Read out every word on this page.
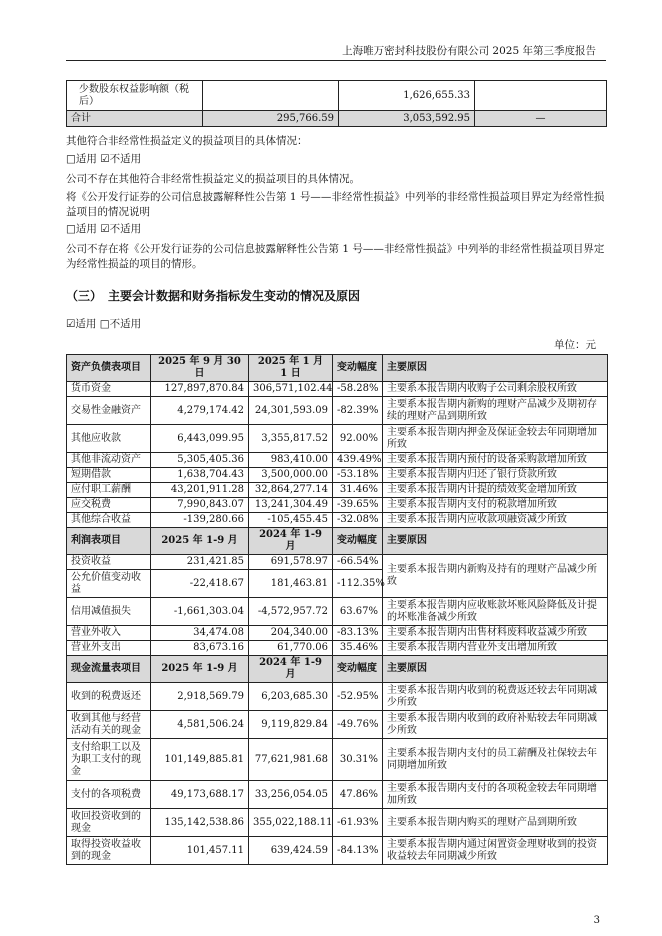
上海唯万密封科技股份有限公司 2025 年第三季度报告
少数股东权益影响额（税后）		1,626,655.33	
合计	295,766.59	3,053,592.95	—
其他符合非经常性损益定义的损益项目的具体情况：
□适用 ☑不适用
公司不存在其他符合非经常性损益定义的损益项目的具体情况。
将《公开发行证券的公司信息披露解释性公告第 1 号——非经常性损益》中列举的非经常性损益项目界定为经常性损益项目的情况说明
□适用 ☑不适用
公司不存在将《公开发行证券的公司信息披露解释性公告第 1 号——非经常性损益》中列举的非经常性损益项目界定为经常性损益的项目的情形。
（三）　主要会计数据和财务指标发生变动的情况及原因
☑适用 □不适用
单位：元
资产负债表项目	2025 年 9 月 30 日	2025 年 1 月 1 日	变动幅度	主要原因
货币资金	127,897,870.84	306,571,102.44	-58.28%	主要系本报告期内收购子公司剩余股权所致
交易性金融资产	4,279,174.42	24,301,593.09	-82.39%	主要系本报告期内新购的理财产品减少及期初存续的理财产品到期所致
其他应收款	6,443,099.95	3,355,817.52	92.00%	主要系本报告期内押金及保证金较去年同期增加所致
其他非流动资产	5,305,405.36	983,410.00	439.49%	主要系本报告期内预付的设备采购款增加所致
短期借款	1,638,704.43	3,500,000.00	-53.18%	主要系本报告期内归还了银行贷款所致
应付职工薪酬	43,201,911.28	32,864,277.14	31.46%	主要系本报告期内计提的绩效奖金增加所致
应交税费	7,990,843.07	13,241,304.49	-39.65%	主要系本报告期内支付的税款增加所致
其他综合收益	-139,280.66	-105,455.45	-32.08%	主要系本报告期内应收款项融资减少所致
利润表项目	2025 年 1-9 月	2024 年 1-9 月	变动幅度	主要原因
投资收益	231,421.85	691,578.97	-66.54%	主要系本报告期内新购及持有的理财产品减少所致
公允价值变动收益	-22,418.67	181,463.81	-112.35%	
信用减值损失	-1,661,303.04	-4,572,957.72	63.67%	主要系本报告期内应收账款坏账风险降低及计提的坏账准备减少所致
营业外收入	34,474.08	204,340.00	-83.13%	主要系本报告期内出售材料废料收益减少所致
营业外支出	83,673.16	61,770.06	35.46%	主要系本报告期内营业外支出增加所致
现金流量表项目	2025 年 1-9 月	2024 年 1-9 月	变动幅度	主要原因
收到的税费返还	2,918,569.79	6,203,685.30	-52.95%	主要系本报告期内收到的税费返还较去年同期减少所致
收到其他与经营活动有关的现金	4,581,506.24	9,119,829.84	-49.76%	主要系本报告期内收到的政府补贴较去年同期减少所致
支付给职工以及为职工支付的现金	101,149,885.81	77,621,981.68	30.31%	主要系本报告期内支付的员工薪酬及社保较去年同期增加所致
支付的各项税费	49,173,688.17	33,256,054.05	47.86%	主要系本报告期内支付的各项税金较去年同期增加所致
收回投资收到的现金	135,142,538.86	355,022,188.11	-61.93%	主要系本报告期内购买的理财产品到期所致
取得投资收益收到的现金	101,457.11	639,424.59	-84.13%	主要系本报告期内通过闲置资金理财收到的投资收益较去年同期减少所致
3
